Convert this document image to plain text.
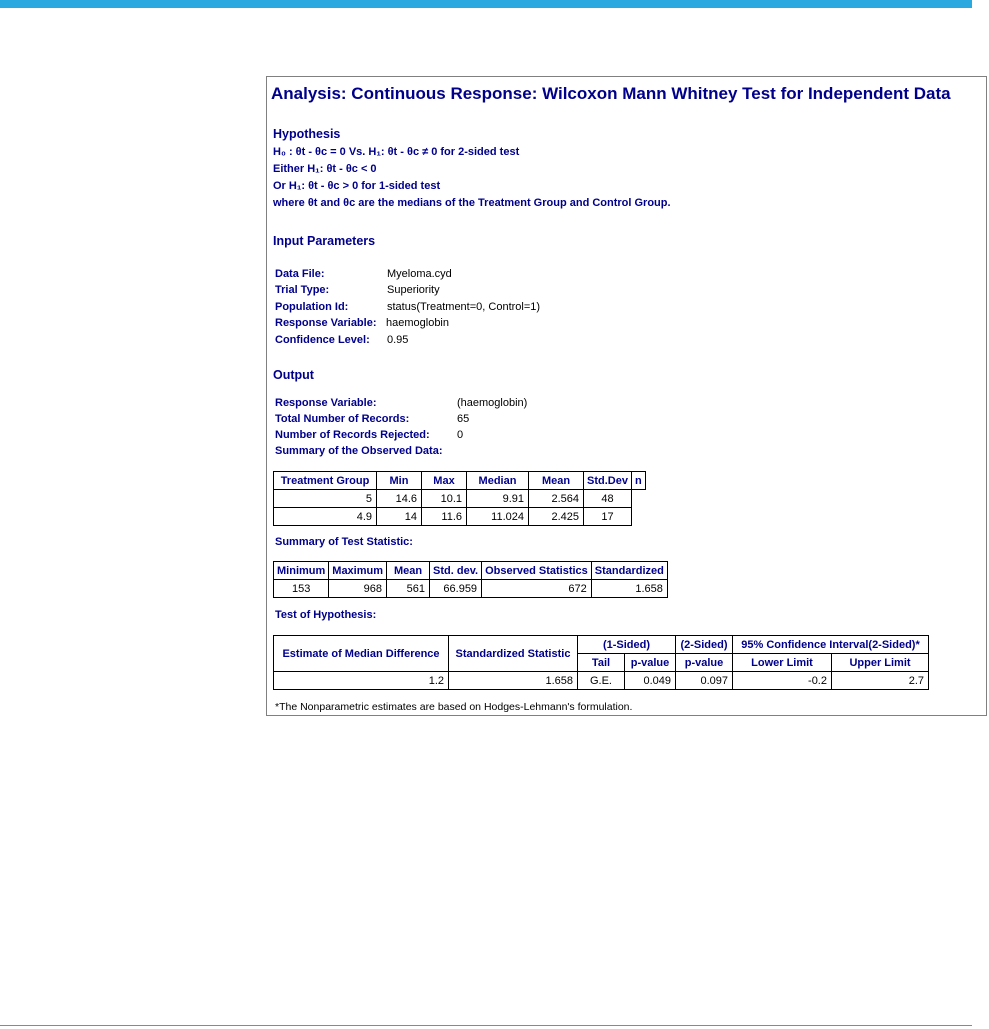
Analysis: Continuous Response: Wilcoxon Mann Whitney Test for Independent Data
Hypothesis
H₀ : θt - θc = 0 Vs. H₁: θt - θc ≠ 0 for 2-sided test
Either H₁: θt - θc < 0
Or H₁: θt - θc > 0 for 1-sided test
where θt and θc are the medians of the Treatment Group and Control Group.
Input Parameters
Data File:	Myeloma.cyd
Trial Type:	Superiority
Population Id:	status(Treatment=0, Control=1)
Response Variable: haemoglobin
Confidence Level: 0.95
Output
Response Variable:	(haemoglobin)
Total Number of Records:	65
Number of Records Rejected: 0
Summary of the Observed Data:
Treatment Group	Min	Max	Median	Mean	Std.Dev	n
5	14.6	10.1	9.91	2.564	48	
4.9	14	11.6	11.024	2.425	17	
Summary of Test Statistic:
Minimum	Maximum	Mean	Std. dev.	Observed Statistics	Standardized
153	968	561	66.959	672	1.658
Test of Hypothesis:
Estimate of Median Difference	Standardized Statistic	(1-Sided)		(2-Sided)	95% Confidence Interval(2-Sided)*	
		Tail	p-value	p-value	Lower Limit	Upper Limit
1.2	1.658	G.E.	0.049	0.097	-0.2	2.7
*The Nonparametric estimates are based on Hodges-Lehmann's formulation.
